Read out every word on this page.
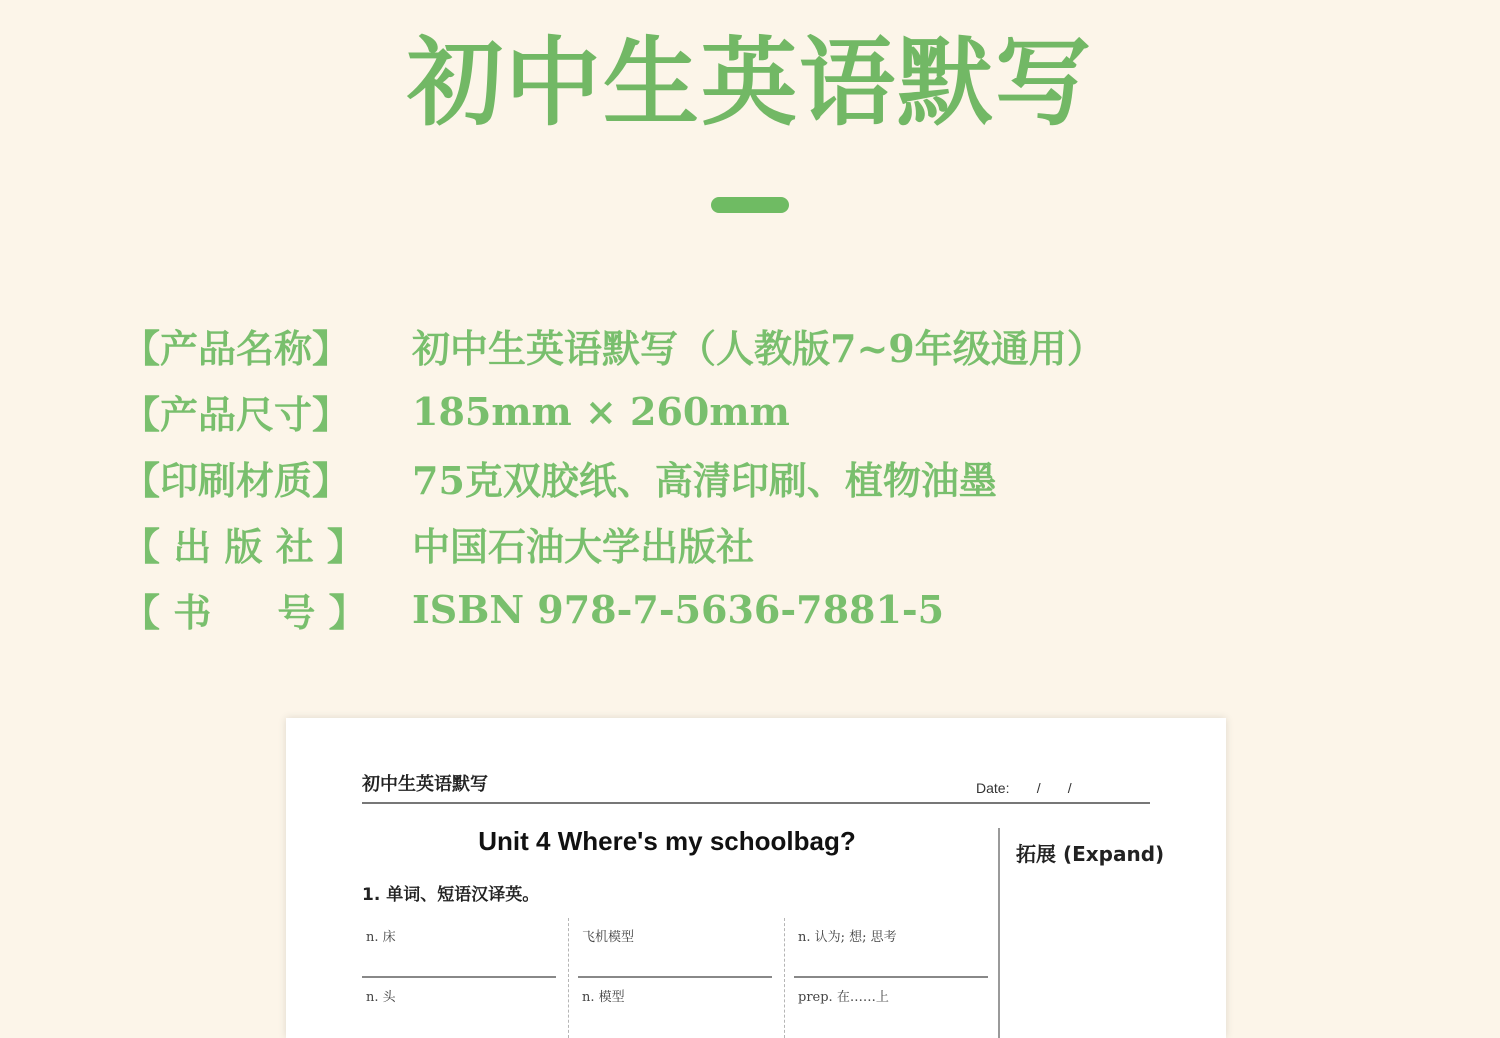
初中生英语默写
【产品名称】	初中生英语默写（人教版7~9年级通用）
【产品尺寸】	185mm × 260mm
【印刷材质】	75克双胶纸、高清印刷、植物油墨
【 出 版 社 】	中国石油大学出版社
【 书     号 】	ISBN 978-7-5636-7881-5
初中生英语默写	Date:       /       /
Unit 4 Where's my schoolbag?	拓展 (Expand)
1. 单词、短语汉译英。
n. 床	飞机模型	n. 认为; 想; 思考
n. 头	n. 模型	prep. 在……上
